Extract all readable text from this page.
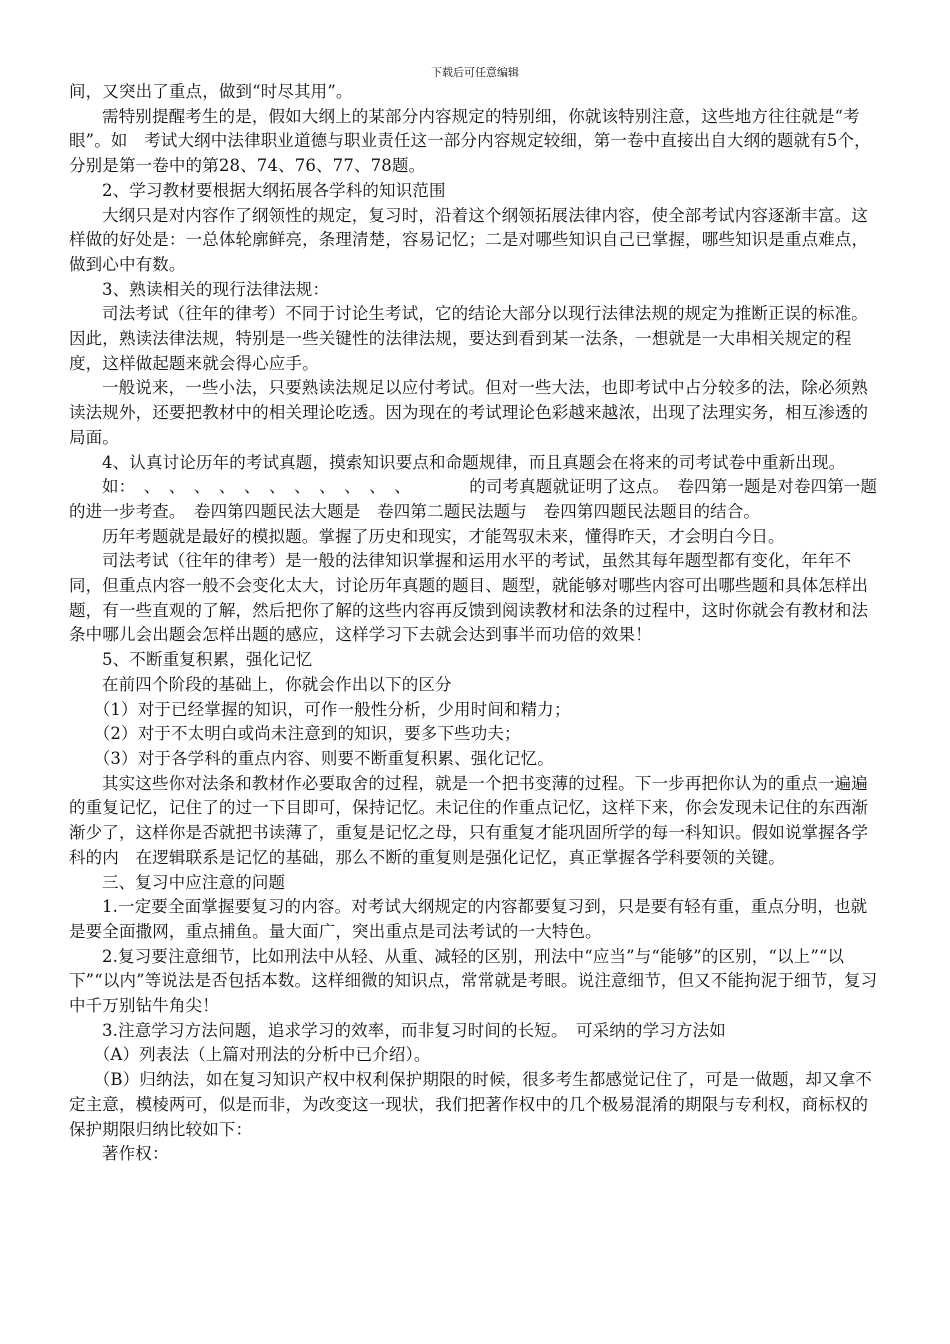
下载后可任意编辑

间，又突出了重点，做到“时尽其用”。

需特别提醒考生的是，假如大纲上的某部分内容规定的特别细，你就该特别注意，这些地方往往就是“考眼”。如　考试大纲中法律职业道德与职业责任这一部分内容规定较细，第一卷中直接出自大纲的题就有5个，分别是第一卷中的第28、74、76、77、78题。

2、学习教材要根据大纲拓展各学科的知识范围

大纲只是对内容作了纲领性的规定，复习时，沿着这个纲领拓展法律内容，使全部考试内容逐渐丰富。这样做的好处是：一总体轮廓鲜亮，条理清楚，容易记忆；二是对哪些知识自己已掌握，哪些知识是重点难点，做到心中有数。

3、熟读相关的现行法律法规：

司法考试（往年的律考）不同于讨论生考试，它的结论大部分以现行法律法规的规定为推断正误的标准。因此，熟读法律法规，特别是一些关键性的法律法规，要达到看到某一法条，一想就是一大串相关规定的程度，这样做起题来就会得心应手。

一般说来，一些小法，只要熟读法规足以应付考试。但对一些大法，也即考试中占分较多的法，除必须熟读法规外，还要把教材中的相关理论吃透。因为现在的考试理论色彩越来越浓，出现了法理实务，相互渗透的局面。

4、认真讨论历年的考试真题，摸索知识要点和命题规律，而且真题会在将来的司考试卷中重新出现。

如：　、　、　、　、　、　、　、　、　、　、　、　　　　的司考真题就证明了这点。　卷四第一题是对卷四第一题的进一步考查。　卷四第四题民法大题是　卷四第二题民法题与　卷四第四题民法题目的结合。

历年考题就是最好的模拟题。掌握了历史和现实，才能驾驭未来，懂得昨天，才会明白今日。

司法考试（往年的律考）是一般的法律知识掌握和运用水平的考试，虽然其每年题型都有变化，年年不同，但重点内容一般不会变化太大，讨论历年真题的题目、题型，就能够对哪些内容可出哪些题和具体怎样出题，有一些直观的了解，然后把你了解的这些内容再反馈到阅读教材和法条的过程中，这时你就会有教材和法条中哪儿会出题会怎样出题的感应，这样学习下去就会达到事半而功倍的效果！

5、不断重复积累，强化记忆

在前四个阶段的基础上，你就会作出以下的区分

（1）对于已经掌握的知识，可作一般性分析，少用时间和精力；

（2）对于不太明白或尚未注意到的知识，要多下些功夫；

（3）对于各学科的重点内容、则要不断重复积累、强化记忆。

其实这些你对法条和教材作必要取舍的过程，就是一个把书变薄的过程。下一步再把你认为的重点一遍遍的重复记忆，记住了的过一下目即可，保持记忆。未记住的作重点记忆，这样下来，你会发现未记住的东西渐渐少了，这样你是否就把书读薄了，重复是记忆之母，只有重复才能巩固所学的每一科知识。假如说掌握各学科的内　在逻辑联系是记忆的基础，那么不断的重复则是强化记忆，真正掌握各学科要领的关键。

三、复习中应注意的问题

1.一定要全面掌握要复习的内容。对考试大纲规定的内容都要复习到，只是要有轻有重，重点分明，也就是要全面撒网，重点捕鱼。量大面广，突出重点是司法考试的一大特色。

2.复习要注意细节，比如刑法中从轻、从重、减轻的区别，刑法中“应当”与“能够”的区别，“以上”“以下”“以内”等说法是否包括本数。这样细微的知识点，常常就是考眼。说注意细节，但又不能拘泥于细节，复习中千万别钻牛角尖！

3.注意学习方法问题，追求学习的效率，而非复习时间的长短。　可采纳的学习方法如

（A）列表法（上篇对刑法的分析中已介绍）。

（B）归纳法，如在复习知识产权中权利保护期限的时候，很多考生都感觉记住了，可是一做题，却又拿不定主意，模棱两可，似是而非，为改变这一现状，我们把著作权中的几个极易混淆的期限与专利权，商标权的保护期限归纳比较如下：

著作权：
